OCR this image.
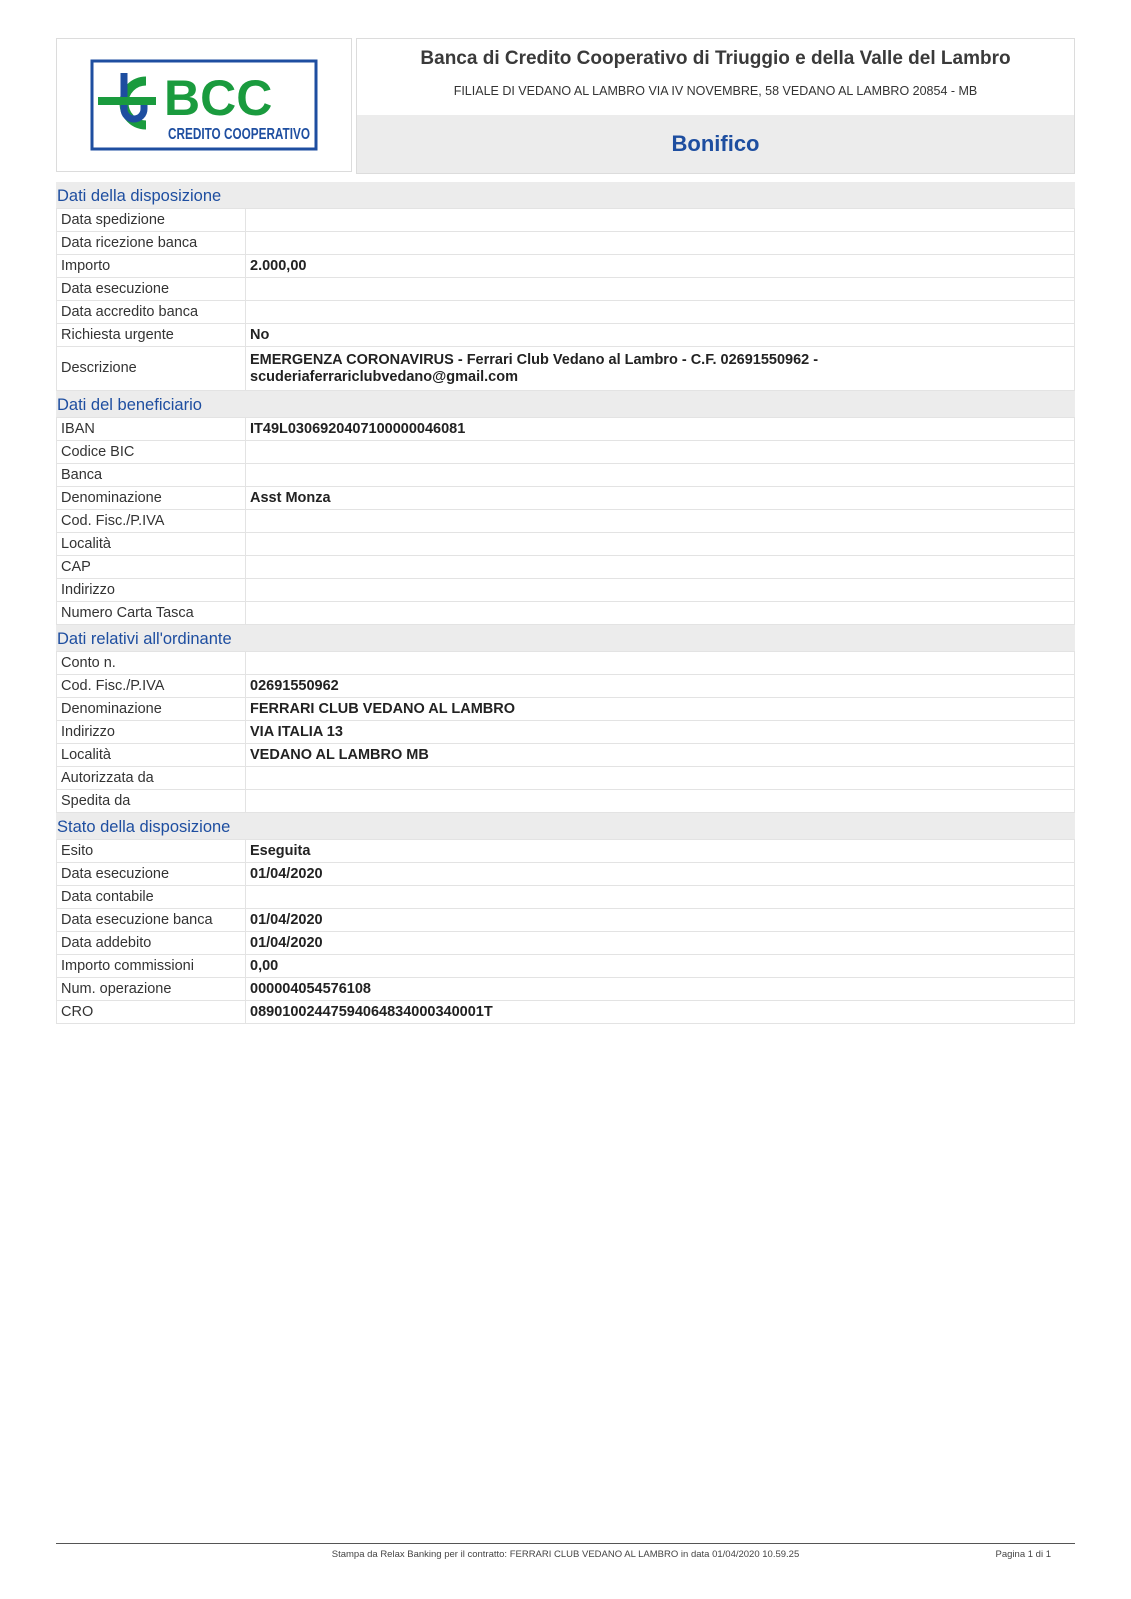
BCC
CREDITO COOPERATIVO
Banca di Credito Cooperativo di Triuggio e della Valle del Lambro
FILIALE DI VEDANO AL LAMBRO VIA IV NOVEMBRE, 58 VEDANO AL LAMBRO 20854 - MB
Bonifico
Dati della disposizione
Data spedizione	
Data ricezione banca	
Importo	2.000,00
Data esecuzione	
Data accredito banca	
Richiesta urgente	No
Descrizione	EMERGENZA CORONAVIRUS - Ferrari Club Vedano al Lambro - C.F. 02691550962 - scuderiaferrariclubvedano@gmail.com
Dati del beneficiario
IBAN	IT49L0306920407100000046081
Codice BIC	
Banca	
Denominazione	Asst Monza
Cod. Fisc./P.IVA	
Località	
CAP	
Indirizzo	
Numero Carta Tasca	
Dati relativi all'ordinante
Conto n.	
Cod. Fisc./P.IVA	02691550962
Denominazione	FERRARI CLUB VEDANO AL LAMBRO
Indirizzo	VIA ITALIA 13
Località	VEDANO AL LAMBRO MB
Autorizzata da	
Spedita da	
Stato della disposizione
Esito	Eseguita
Data esecuzione	01/04/2020
Data contabile	
Data esecuzione banca	01/04/2020
Data addebito	01/04/2020
Importo commissioni	0,00
Num. operazione	000004054576108
CRO	08901002447594064834000340001T
Stampa da Relax Banking per il contratto: FERRARI CLUB VEDANO AL LAMBRO in data 01/04/2020 10.59.25	Pagina 1 di 1
